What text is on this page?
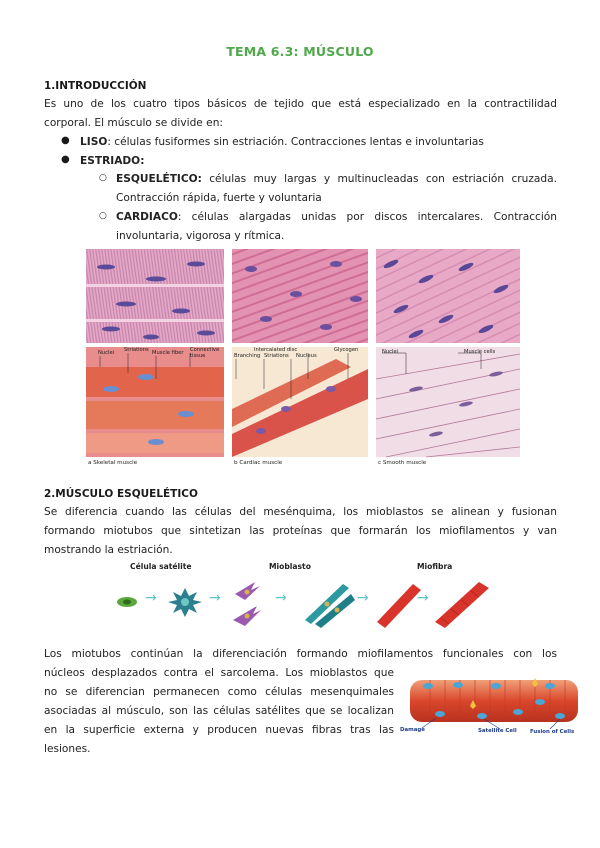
TEMA 6.3: MÚSCULO
1.INTRODUCCIÓN
Es uno de los cuatro tipos básicos de tejido que está especializado en la contractilidad
corporal. El músculo se divide en:
● LISO: células fusiformes sin estriación. Contracciones lentas e involuntarias
● ESTRIADO:
○ ESQUELÉTICO: células muy largas y multinucleadas con estriación cruzada.
Contracción rápida, fuerte y voluntaria
○ CARDIACO: células alargadas unidas por discos intercalares. Contracción
involuntaria, vigorosa y rítmica.
Nuclei Striations Muscle fiber Connective tissue
Intercalated disc	Glycogen
Branching Striations Nucleus
Nuclei	Muscle cells
a Skeletal muscle	b Cardiac muscle	c Smooth muscle
2.MÚSCULO ESQUELÉTICO
Se diferencia cuando las células del mesénquima, los mioblastos se alinean y fusionan
formando miotubos que sintetizan las proteínas que formarán los miofilamentos y van
mostrando la estriación.
Célula satélite	Mioblasto	Miofibra
→	→	→	→	→
Los miotubos continúan la diferenciación formando miofilamentos funcionales con los
núcleos desplazados contra el sarcolema. Los mioblastos que
no se diferencian permanecen como células mesenquimales
asociadas al músculo, son las células satélites que se localizan
en la superficie externa y producen nuevas fibras tras las
lesiones.
Damage	Satellite Cell Fusion of Cells
